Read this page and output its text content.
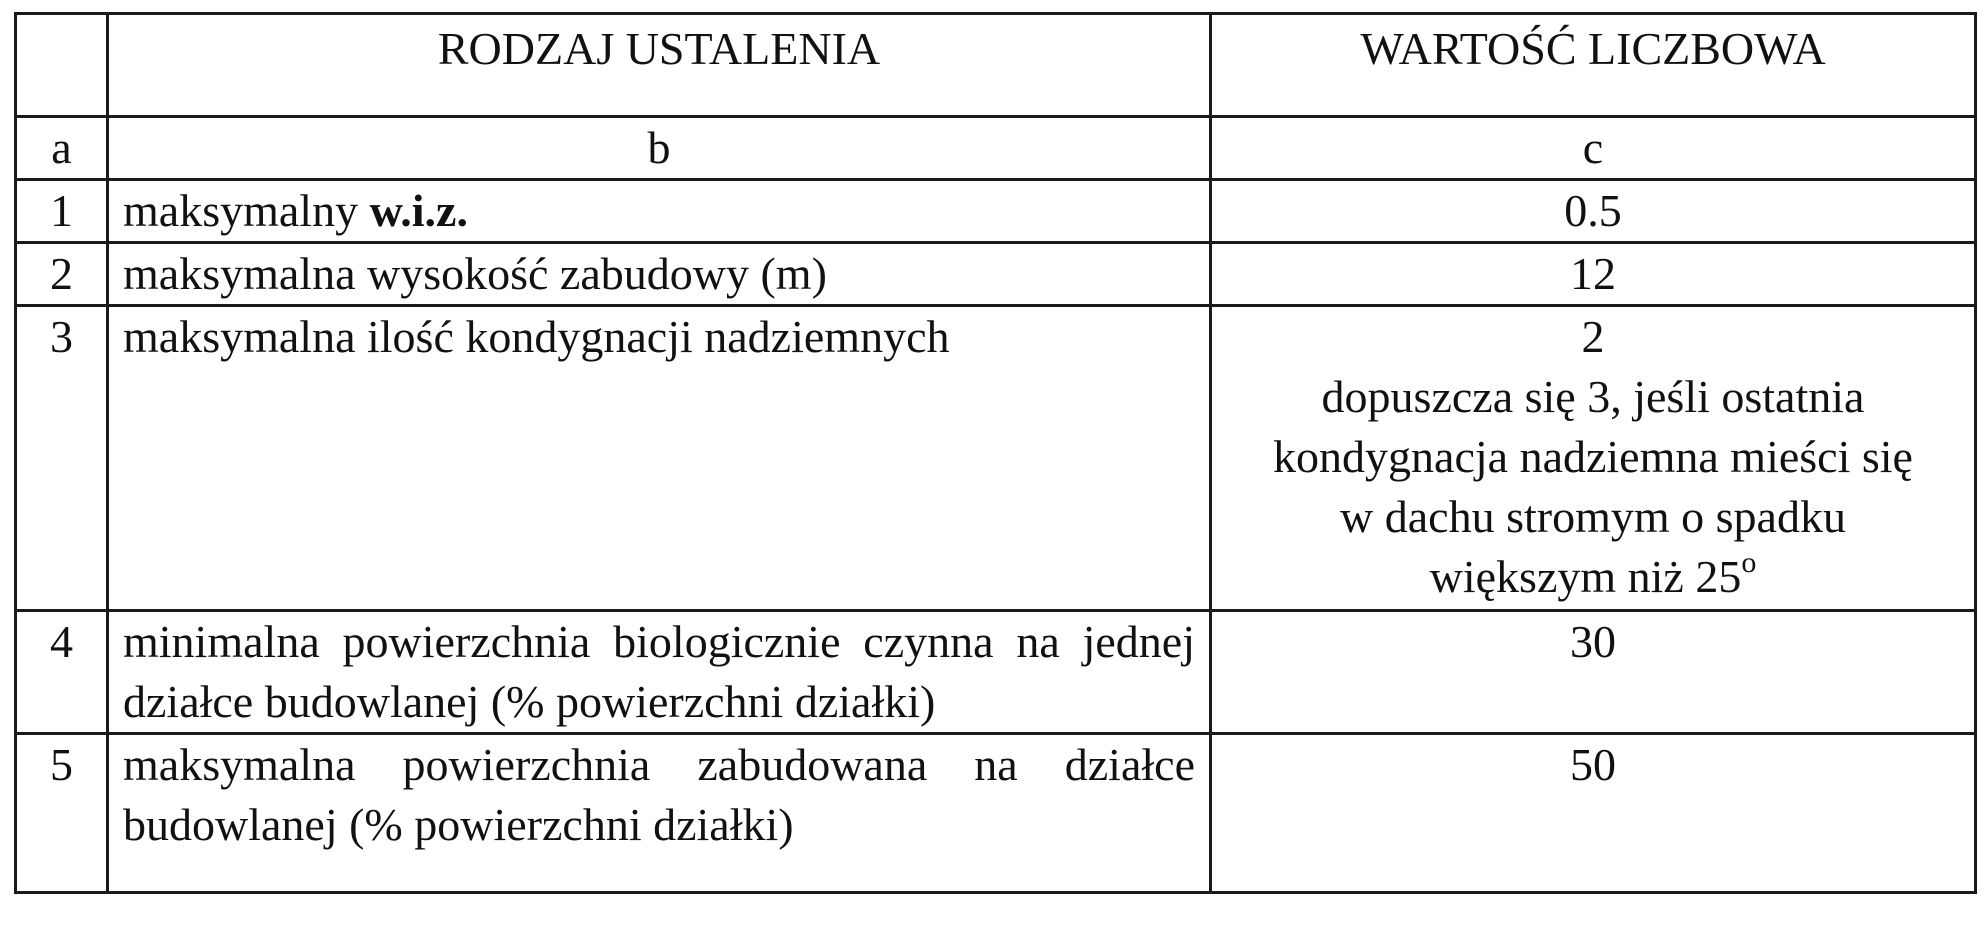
	RODZAJ USTALENIA	WARTOŚĆ LICZBOWA
a	b	c
1	maksymalny w.i.z.	0.5
2	maksymalna wysokość zabudowy (m)	12
3	maksymalna ilość kondygnacji nadziemnych	2
dopuszcza się 3, jeśli ostatnia
kondygnacja nadziemna mieści się
w dachu stromym o spadku
większym niż 25$^o$

4	minimalna powierzchnia biologicznie czynna na jednej działce budowlanej (% powierzchni działki)	30
5	maksymalna powierzchnia zabudowana na działce budowlanej (% powierzchni działki)	50
